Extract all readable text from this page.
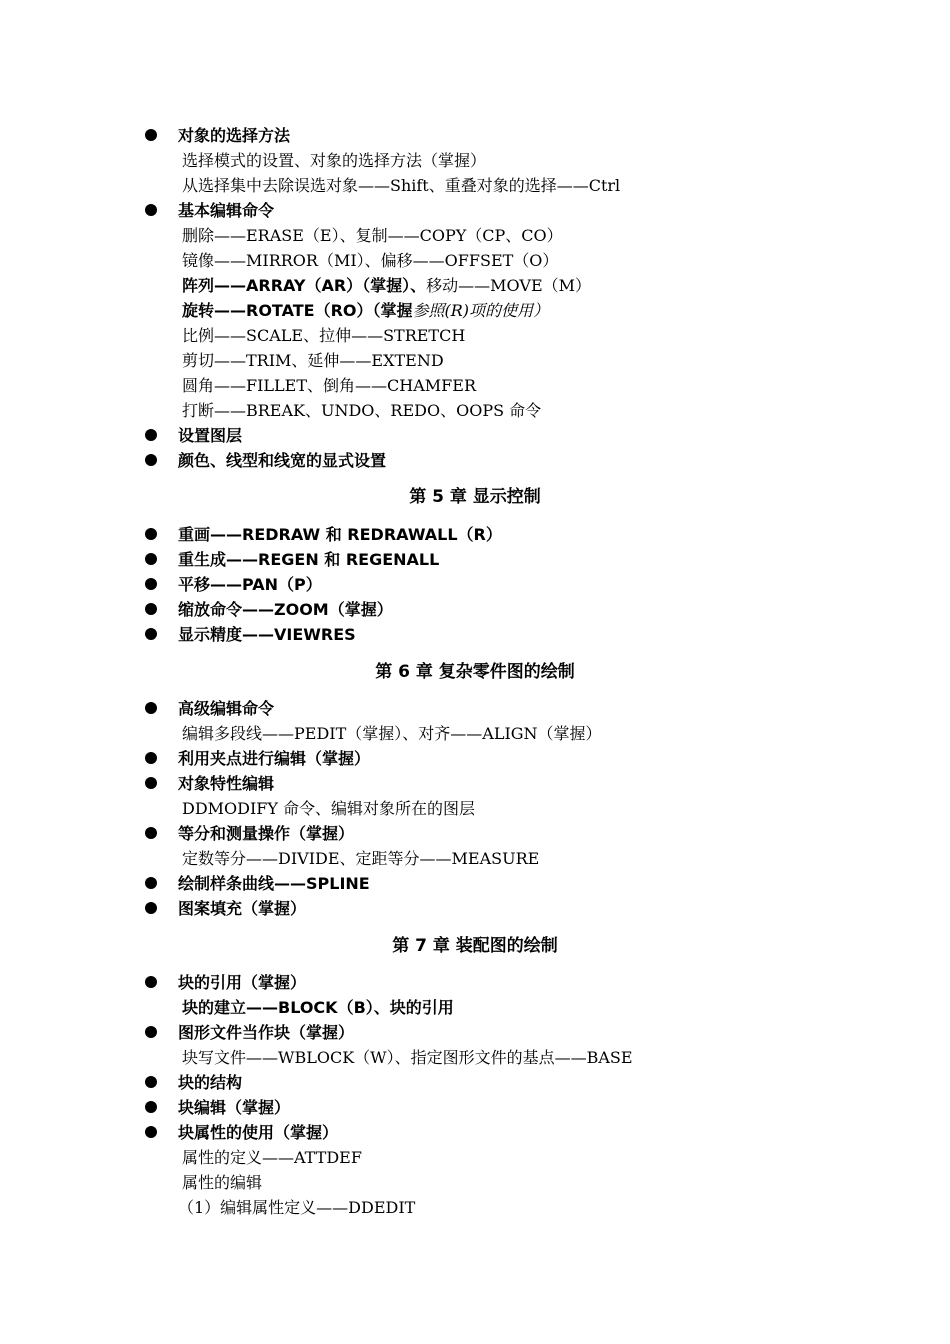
对象的选择方法
选择模式的设置、对象的选择方法（掌握）
从选择集中去除误选对象——Shift、重叠对象的选择——Ctrl
基本编辑命令
删除——ERASE（E）、复制——COPY（CP、CO）
镜像——MIRROR（MI）、偏移——OFFSET（O）
阵列——ARRAY（AR）（掌握）、移动——MOVE（M）
旋转——ROTATE（RO）（掌握参照(R)项的使用）
比例——SCALE、拉伸——STRETCH
剪切——TRIM、延伸——EXTEND
圆角——FILLET、倒角——CHAMFER
打断——BREAK、UNDO、REDO、OOPS 命令
设置图层
颜色、线型和线宽的显式设置
第 5 章 显示控制
重画——REDRAW 和 REDRAWALL（R）
重生成——REGEN 和 REGENALL
平移——PAN（P）
缩放命令——ZOOM（掌握）
显示精度——VIEWRES
第 6 章 复杂零件图的绘制
高级编辑命令
编辑多段线——PEDIT（掌握）、对齐——ALIGN（掌握）
利用夹点进行编辑（掌握）
对象特性编辑
DDMODIFY 命令、编辑对象所在的图层
等分和测量操作（掌握）
定数等分——DIVIDE、定距等分——MEASURE
绘制样条曲线——SPLINE
图案填充（掌握）
第 7 章 装配图的绘制
块的引用（掌握）
块的建立——BLOCK（B）、块的引用
图形文件当作块（掌握）
块写文件——WBLOCK（W）、指定图形文件的基点——BASE
块的结构
块编辑（掌握）
块属性的使用（掌握）
属性的定义——ATTDEF
属性的编辑
（1）编辑属性定义——DDEDIT
